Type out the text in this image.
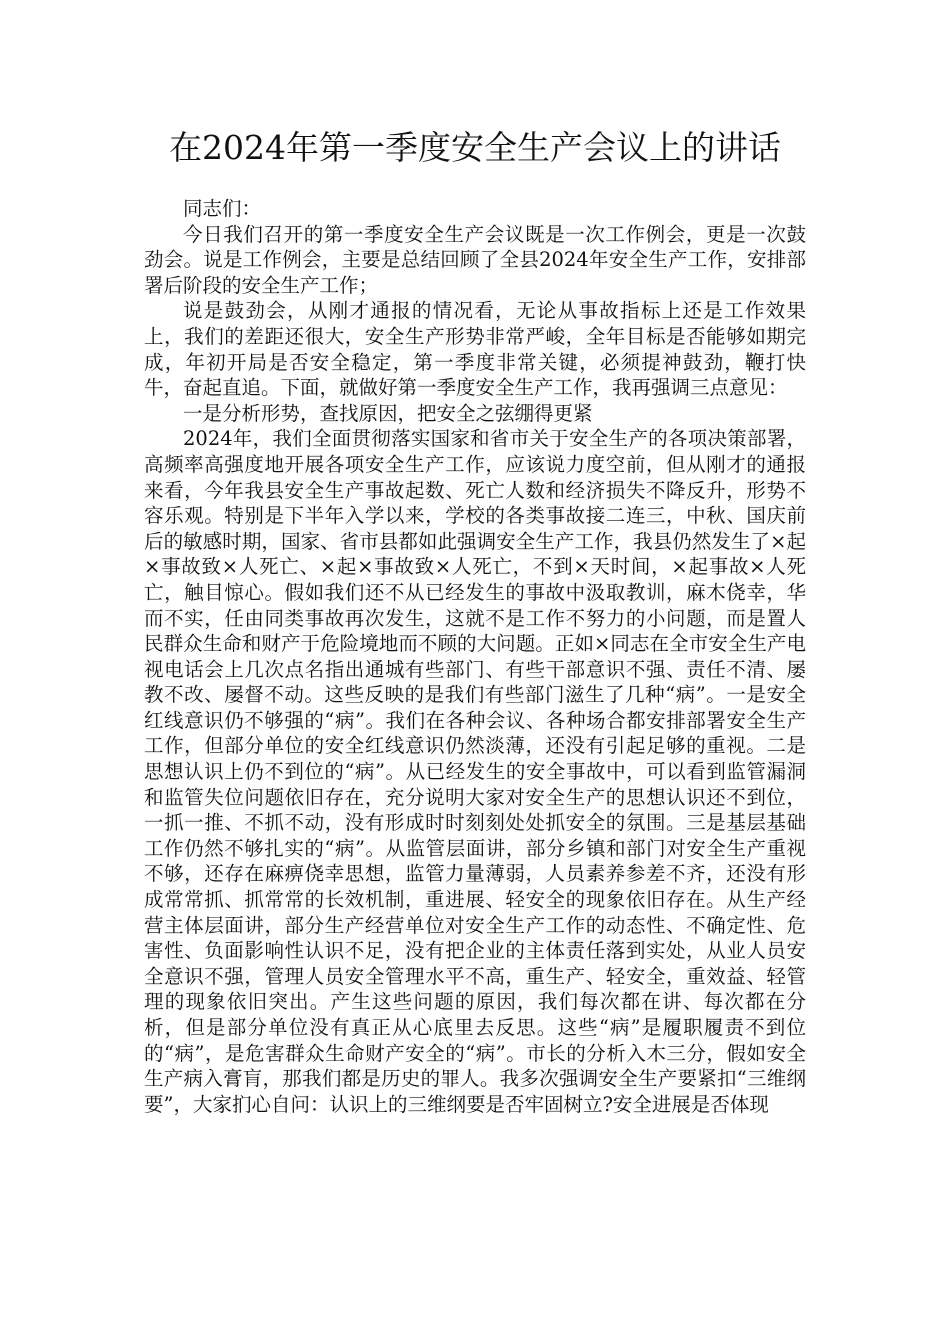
在2024年第一季度安全生产会议上的讲话

同志们：

今日我们召开的第一季度安全生产会议既是一次工作例会，更是一次鼓劲会。说是工作例会，主要是总结回顾了全县2024年安全生产工作，安排部署后阶段的安全生产工作；

说是鼓劲会，从刚才通报的情况看，无论从事故指标上还是工作效果上，我们的差距还很大，安全生产形势非常严峻，全年目标是否能够如期完成，年初开局是否安全稳定，第一季度非常关键，必须提神鼓劲，鞭打快牛，奋起直追。下面，就做好第一季度安全生产工作，我再强调三点意见：

一是分析形势，查找原因，把安全之弦绷得更紧

2024年，我们全面贯彻落实国家和省市关于安全生产的各项决策部署，高频率高强度地开展各项安全生产工作，应该说力度空前，但从刚才的通报来看，今年我县安全生产事故起数、死亡人数和经济损失不降反升，形势不容乐观。特别是下半年入学以来，学校的各类事故接二连三，中秋、国庆前后的敏感时期，国家、省市县都如此强调安全生产工作，我县仍然发生了×起×事故致×人死亡、×起×事故致×人死亡，不到×天时间，×起事故×人死亡，触目惊心。假如我们还不从已经发生的事故中汲取教训，麻木侥幸，华而不实，任由同类事故再次发生，这就不是工作不努力的小问题，而是置人民群众生命和财产于危险境地而不顾的大问题。正如×同志在全市安全生产电视电话会上几次点名指出通城有些部门、有些干部意识不强、责任不清、屡教不改、屡督不动。这些反映的是我们有些部门滋生了几种“病”。一是安全红线意识仍不够强的“病”。我们在各种会议、各种场合都安排部署安全生产工作，但部分单位的安全红线意识仍然淡薄，还没有引起足够的重视。二是思想认识上仍不到位的“病”。从已经发生的安全事故中，可以看到监管漏洞和监管失位问题依旧存在，充分说明大家对安全生产的思想认识还不到位，一抓一推、不抓不动，没有形成时时刻刻处处抓安全的氛围。三是基层基础工作仍然不够扎实的“病”。从监管层面讲，部分乡镇和部门对安全生产重视不够，还存在麻痹侥幸思想，监管力量薄弱，人员素养参差不齐，还没有形成常常抓、抓常常的长效机制，重进展、轻安全的现象依旧存在。从生产经营主体层面讲，部分生产经营单位对安全生产工作的动态性、不确定性、危害性、负面影响性认识不足，没有把企业的主体责任落到实处，从业人员安全意识不强，管理人员安全管理水平不高，重生产、轻安全，重效益、轻管理的现象依旧突出。产生这些问题的原因，我们每次都在讲、每次都在分析，但是部分单位没有真正从心底里去反思。这些“病”是履职履责不到位的“病”，是危害群众生命财产安全的“病”。市长的分析入木三分，假如安全生产病入膏肓，那我们都是历史的罪人。我多次强调安全生产要紧扣“三维纲要”，大家扪心自问：认识上的三维纲要是否牢固树立?安全进展是否体现
